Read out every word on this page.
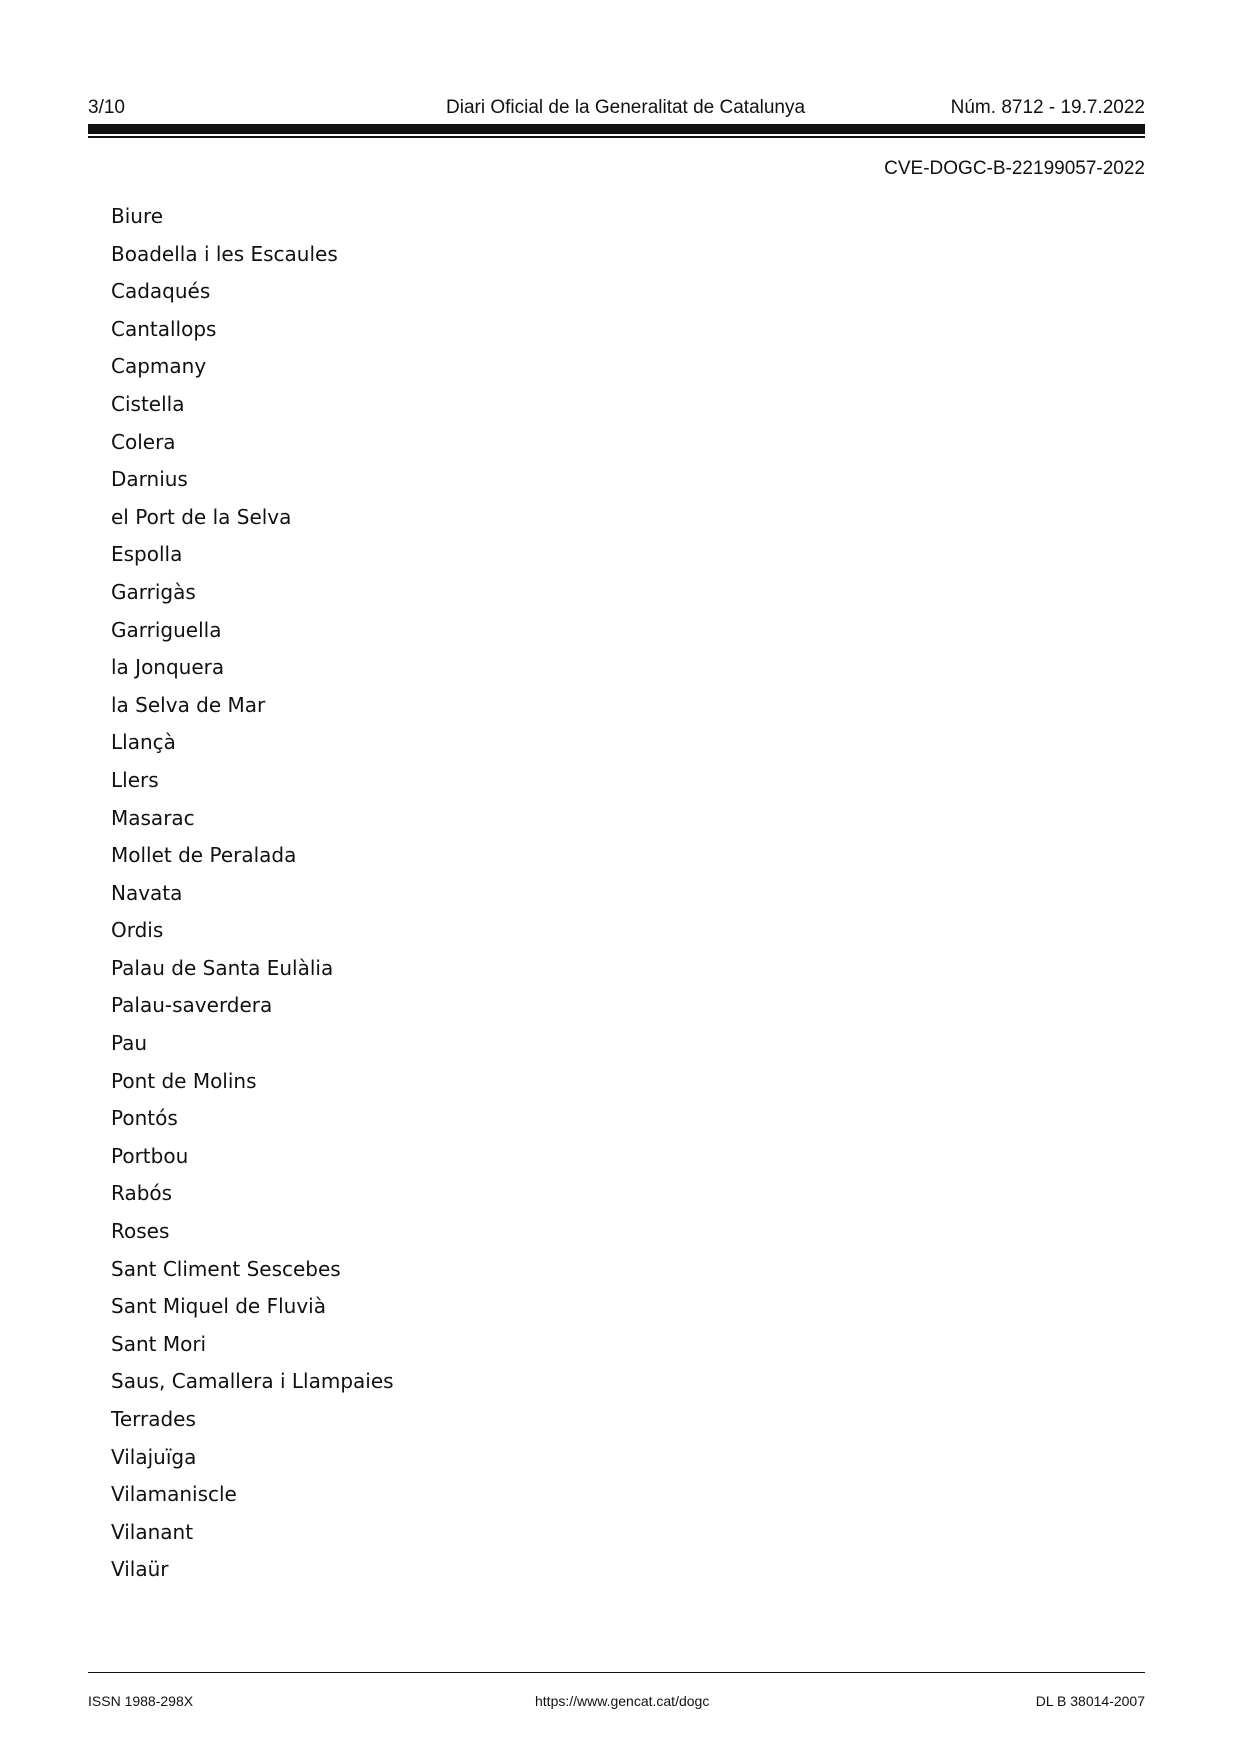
3/10	Diari Oficial de la Generalitat de Catalunya	Núm. 8712 - 19.7.2022
CVE-DOGC-B-22199057-2022
Biure
Boadella i les Escaules
Cadaqués
Cantallops
Capmany
Cistella
Colera
Darnius
el Port de la Selva
Espolla
Garrigàs
Garriguella
la Jonquera
la Selva de Mar
Llançà
Llers
Masarac
Mollet de Peralada
Navata
Ordis
Palau de Santa Eulàlia
Palau-saverdera
Pau
Pont de Molins
Pontós
Portbou
Rabós
Roses
Sant Climent Sescebes
Sant Miquel de Fluvià
Sant Mori
Saus, Camallera i Llampaies
Terrades
Vilajuïga
Vilamaniscle
Vilanant
Vilaür
ISSN 1988-298X	https://www.gencat.cat/dogc	DL B 38014-2007
